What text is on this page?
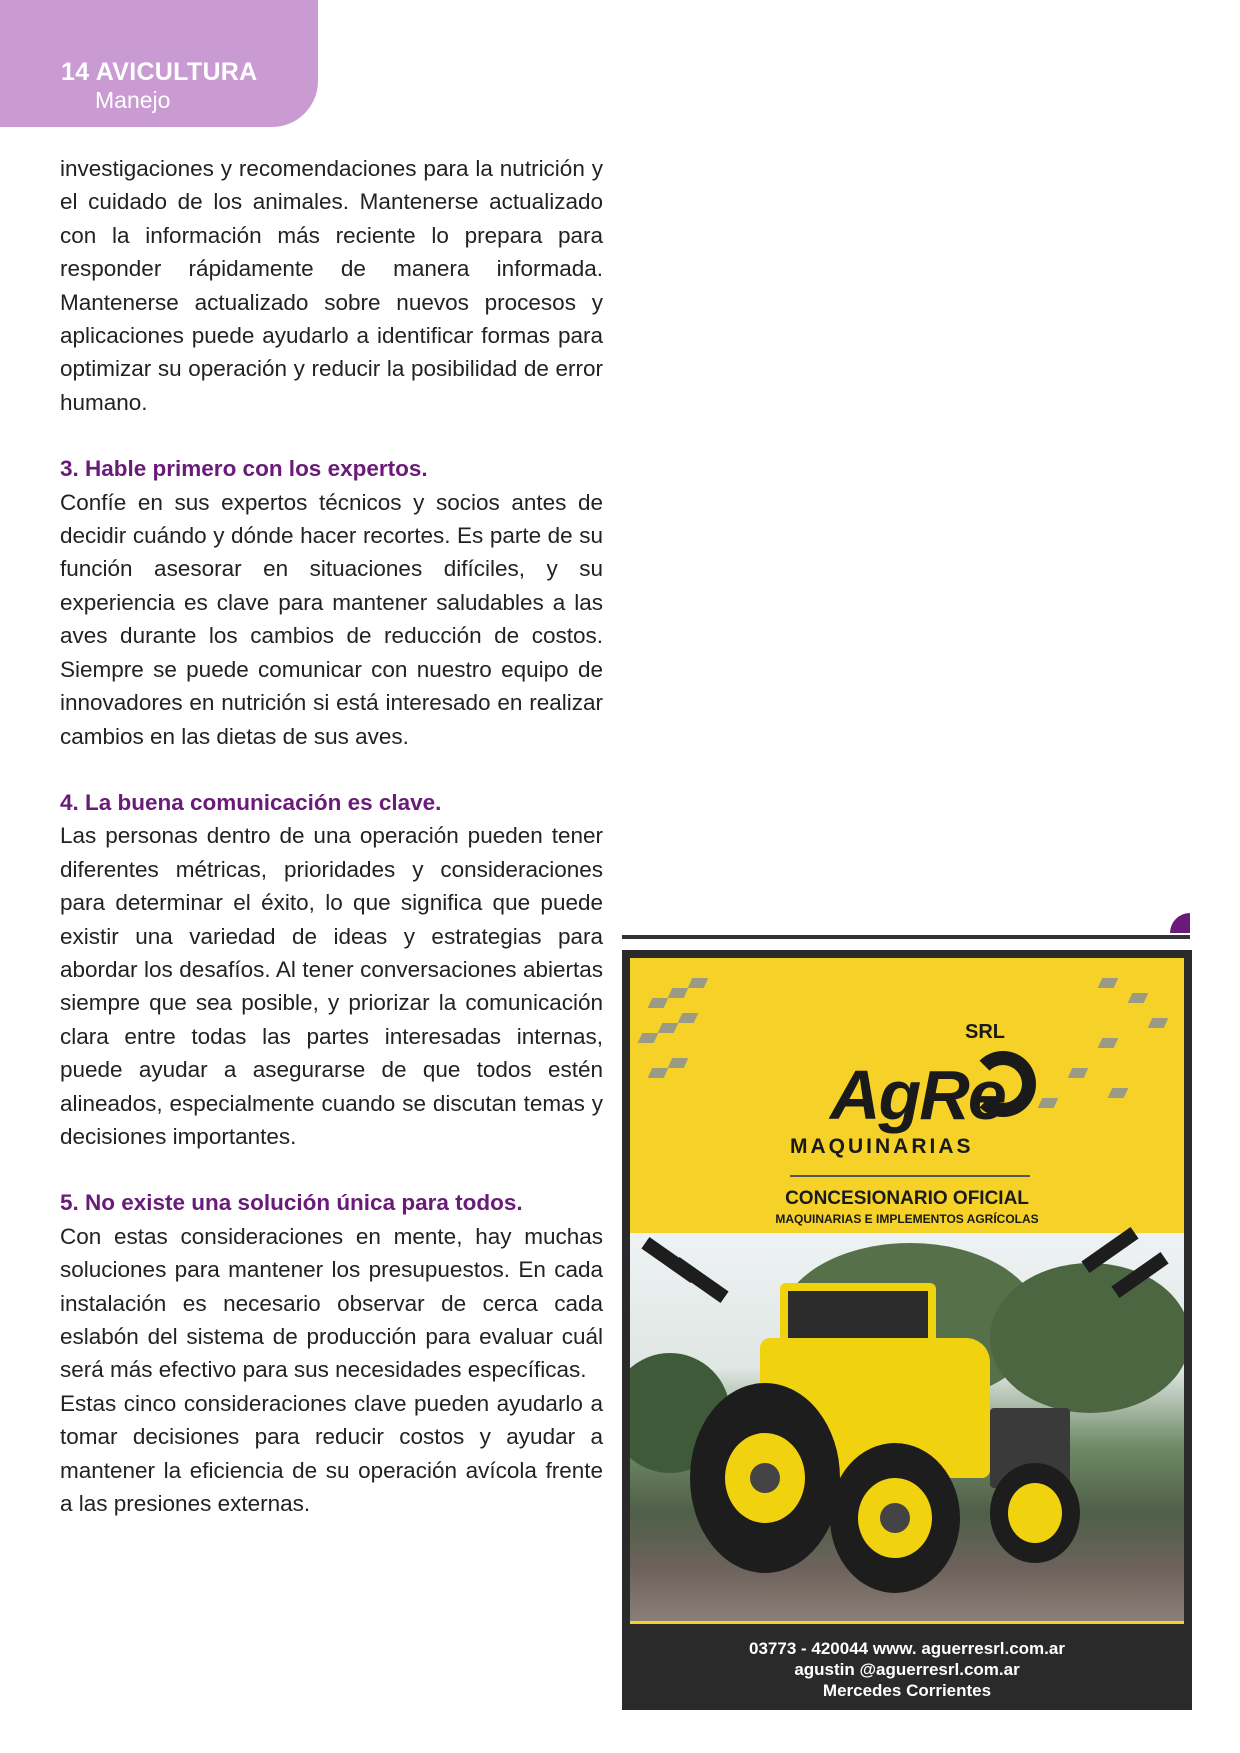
14 AVICULTURA
Manejo

investigaciones y recomendaciones para la nutrición y el cuidado de los animales. Mantenerse actualizado con la información más reciente lo prepara para responder rápidamente de manera informada. Mantenerse actualizado sobre nuevos procesos y aplicaciones puede ayudarlo a identificar formas para optimizar su operación y reducir la posibilidad de error humano.

3. Hable primero con los expertos.

Confíe en sus expertos técnicos y socios antes de decidir cuándo y dónde hacer recortes. Es parte de su función asesorar en situaciones difíciles, y su experiencia es clave para mantener saludables a las aves durante los cambios de reducción de costos. Siempre se puede comunicar con nuestro equipo de innovadores en nutrición si está interesado en realizar cambios en las dietas de sus aves.

4. La buena comunicación es clave.

Las personas dentro de una operación pueden tener diferentes métricas, prioridades y consideraciones para determinar el éxito, lo que significa que puede existir una variedad de ideas y estrategias para abordar los desafíos. Al tener conversaciones abiertas siempre que sea posible, y priorizar la comunicación clara entre todas las partes interesadas internas, puede ayudar a asegurarse de que todos estén alineados, especialmente cuando se discutan temas y decisiones importantes.

5. No existe una solución única para todos.

Con estas consideraciones en mente, hay muchas soluciones para mantener los presupuestos. En cada instalación es necesario observar de cerca cada eslabón del sistema de producción para evaluar cuál será más efectivo para sus necesidades específicas.

Estas cinco consideraciones clave pueden ayudarlo a tomar decisiones para reducir costos y ayudar a mantener la eficiencia de su operación avícola frente a las presiones externas.

SRL
AgRe
MAQUINARIAS
CONCESIONARIO OFICIAL
MAQUINARIAS E IMPLEMENTOS AGRÍCOLAS
03773 - 420044 www. aguerresrl.com.ar
agustin @aguerresrl.com.ar
Mercedes Corrientes
